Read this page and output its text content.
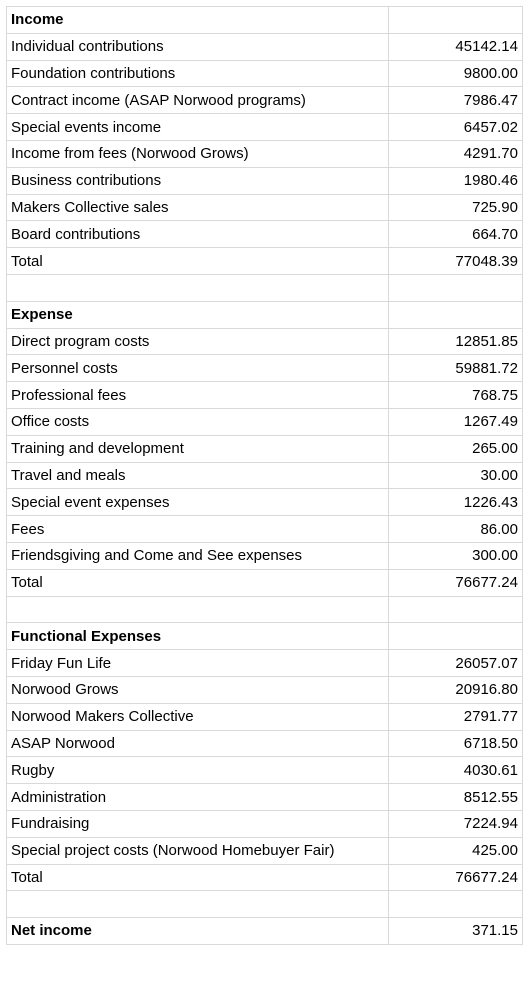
Income	
Individual contributions	45142.14
Foundation contributions	9800.00
Contract income (ASAP Norwood programs)	7986.47
Special events income	6457.02
Income from fees (Norwood Grows)	4291.70
Business contributions	1980.46
Makers Collective sales	725.90
Board contributions	664.70
Total	77048.39

Expense	
Direct program costs	12851.85
Personnel costs	59881.72
Professional fees	768.75
Office costs	1267.49
Training and development	265.00
Travel and meals	30.00
Special event expenses	1226.43
Fees	86.00
Friendsgiving and Come and See expenses	300.00
Total	76677.24

Functional Expenses	
Friday Fun Life	26057.07
Norwood Grows	20916.80
Norwood Makers Collective	2791.77
ASAP Norwood	6718.50
Rugby	4030.61
Administration	8512.55
Fundraising	7224.94
Special project costs (Norwood Homebuyer Fair)	425.00
Total	76677.24

Net income	371.15
